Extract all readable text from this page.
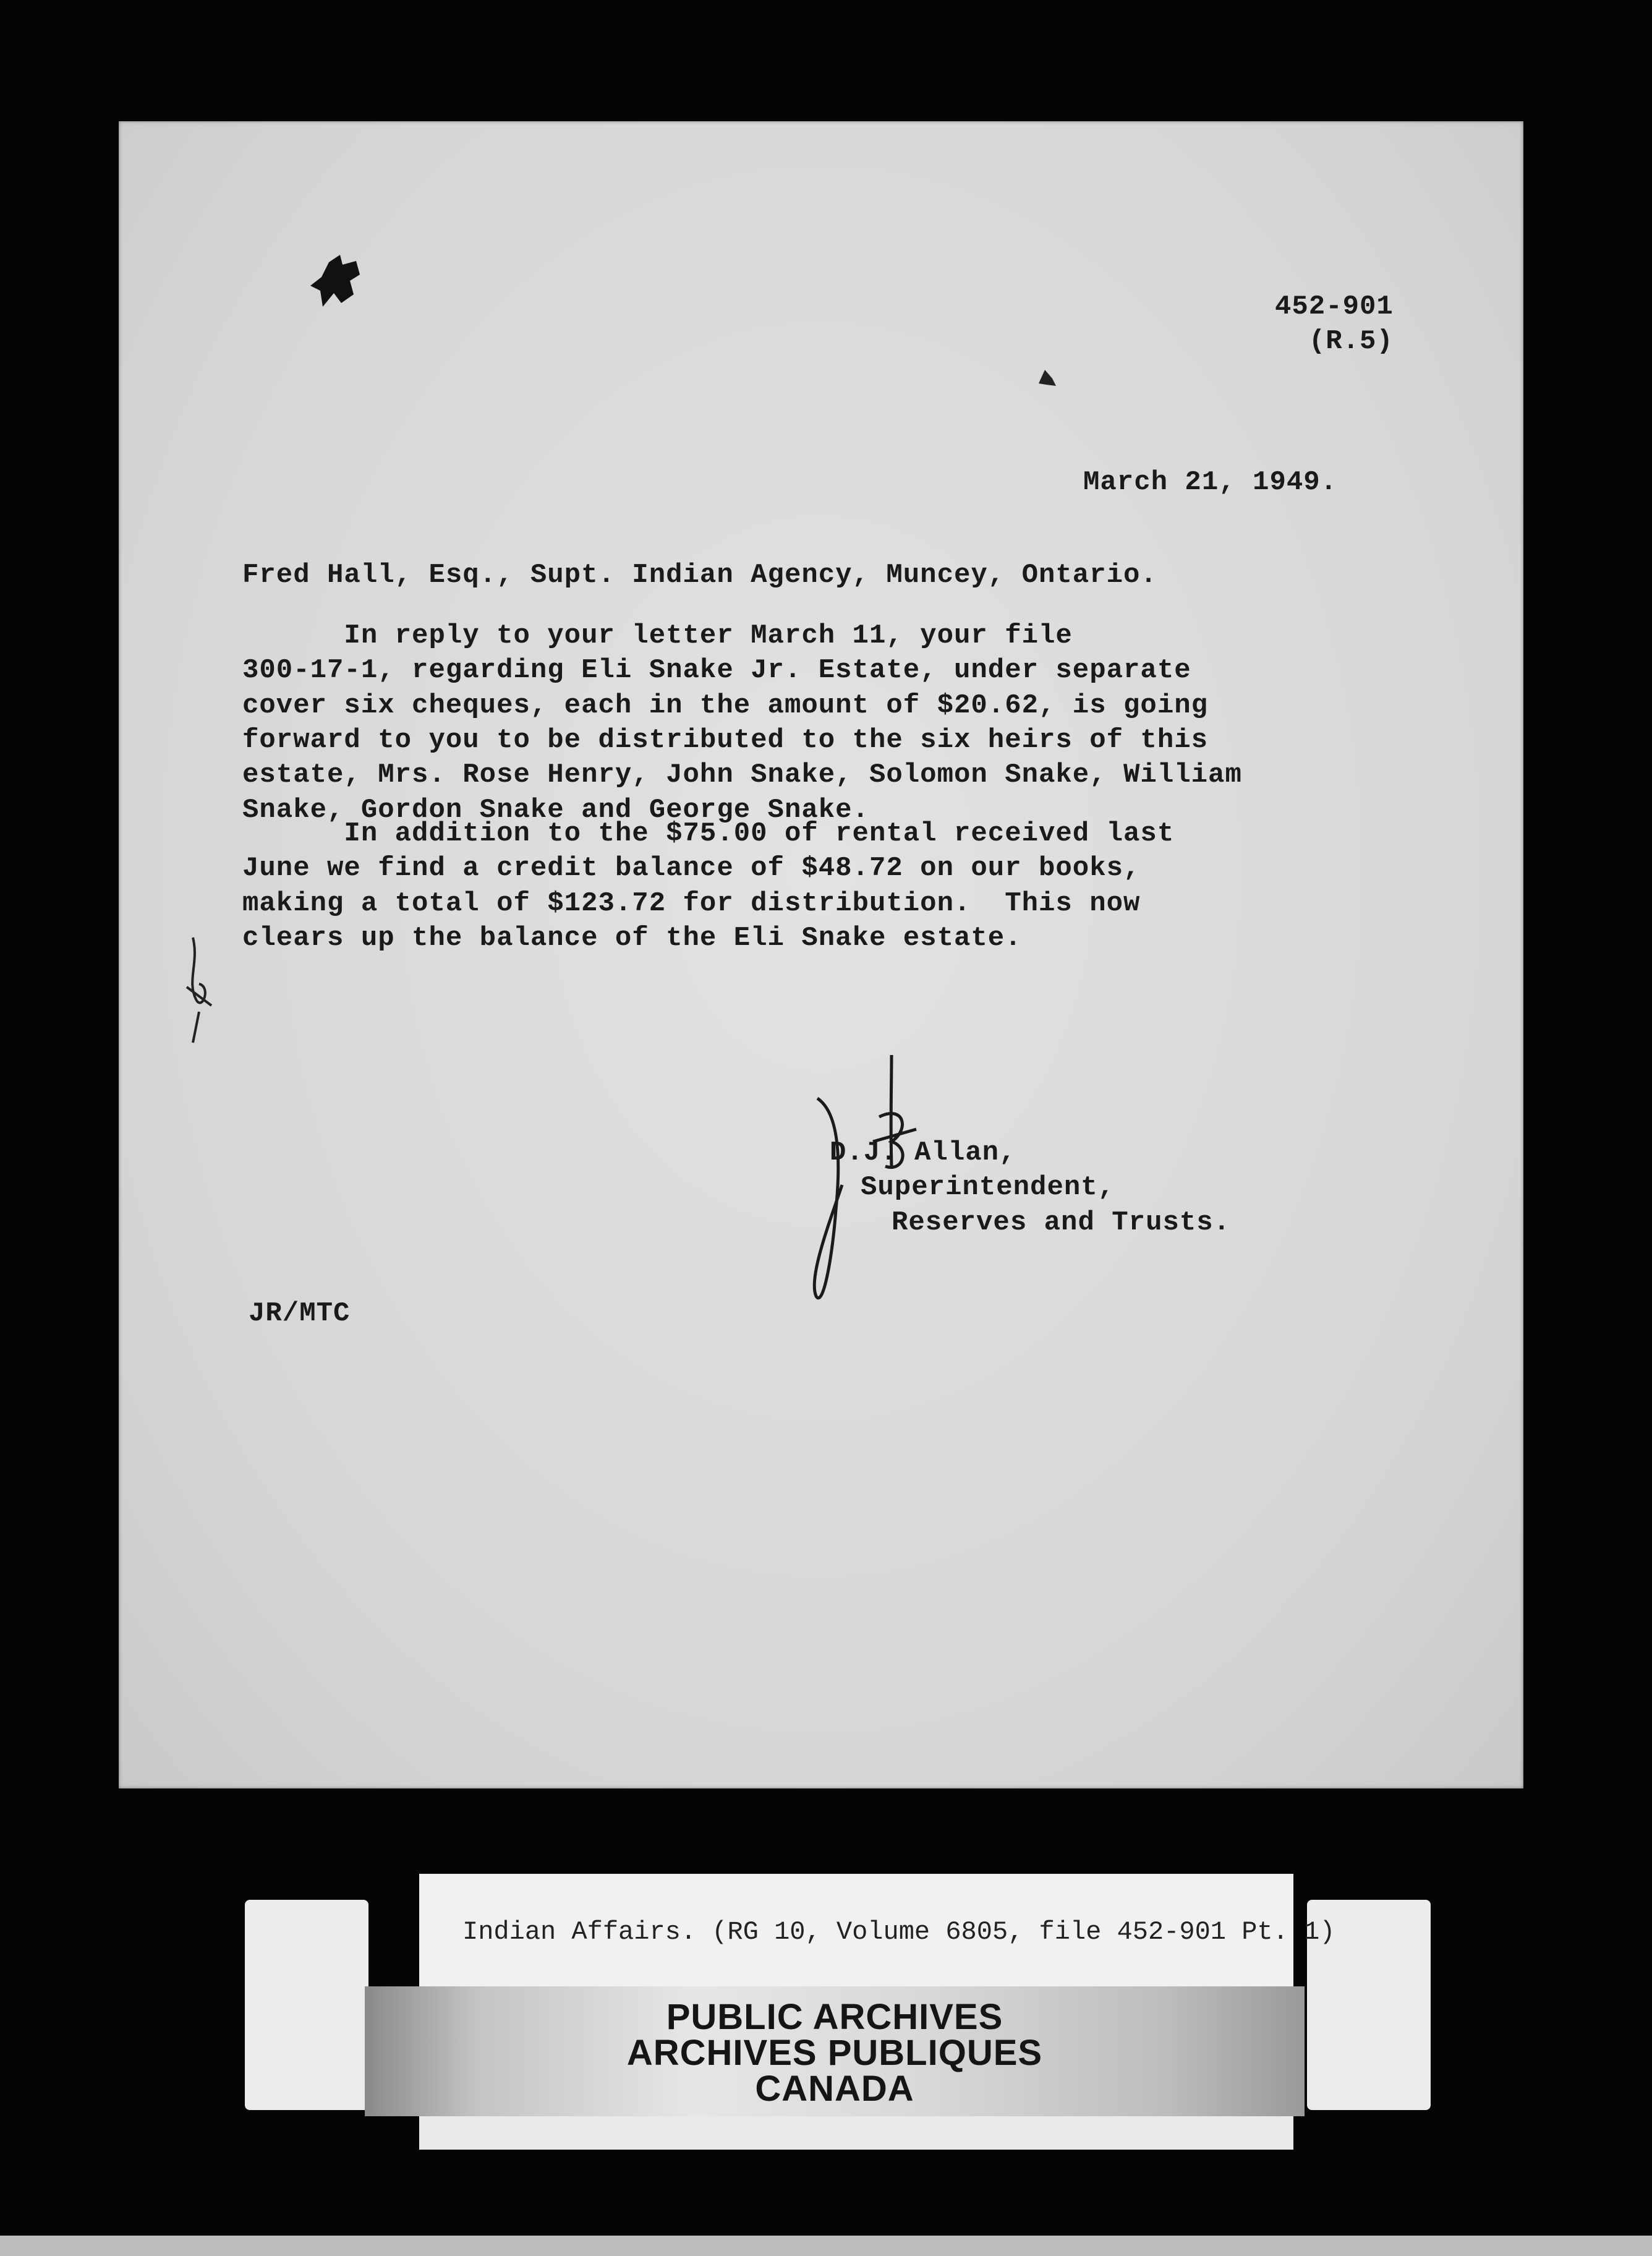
452-901
(R.5)
March 21, 1949.
Fred Hall, Esq., Supt. Indian Agency, Muncey, Ontario.
In reply to your letter March 11, your file
300-17-1, regarding Eli Snake Jr. Estate, under separate
cover six cheques, each in the amount of $20.62, is going
forward to you to be distributed to the six heirs of this
estate, Mrs. Rose Henry, John Snake, Solomon Snake, William
Snake, Gordon Snake and George Snake.
In addition to the $75.00 of rental received last
June we find a credit balance of $48.72 on our books,
making a total of $123.72 for distribution.  This now
clears up the balance of the Eli Snake estate.
D.J. Allan,
Superintendent,
Reserves and Trusts.
JR/MTC
Indian Affairs. (RG 10, Volume 6805, file 452-901 Pt. 1)
PUBLIC ARCHIVES
ARCHIVES PUBLIQUES
CANADA
